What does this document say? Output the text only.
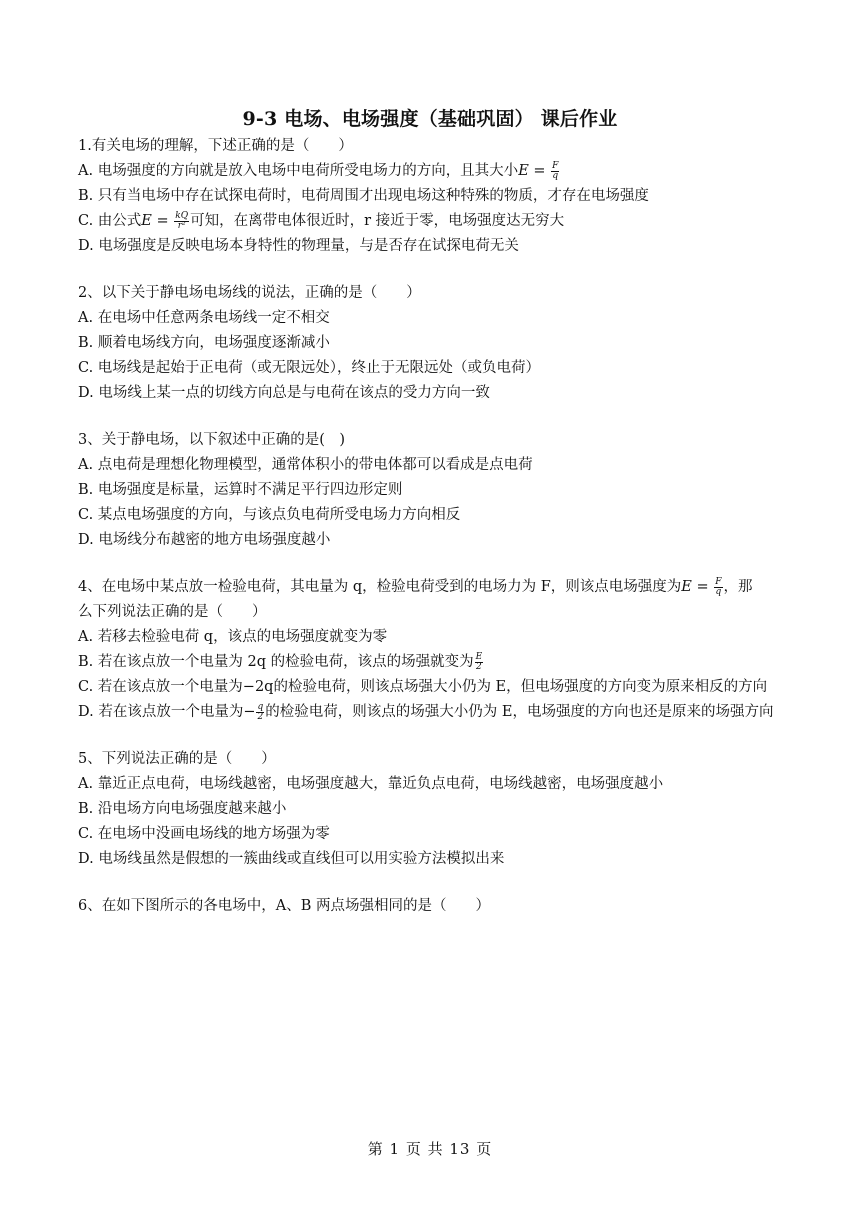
9-3 电场、电场强度（基础巩固） 课后作业
1.有关电场的理解，下述正确的是（　　）
A. 电场强度的方向就是放入电场中电荷所受电场力的方向，且其大小$E = \frac{F}{q}$
B. 只有当电场中存在试探电荷时，电荷周围才出现电场这种特殊的物质，才存在电场强度
C. 由公式$E = \frac{kQ}{\text{r²}}$ 可知，在离带电体很近时，r 接近于零，电场强度达无穷大
D. 电场强度是反映电场本身特性的物理量，与是否存在试探电荷无关
2、以下关于静电场电场线的说法，正确的是（　　）
A. 在电场中任意两条电场线一定不相交
B. 顺着电场线方向，电场强度逐渐减小
C. 电场线是起始于正电荷（或无限远处），终止于无限远处（或负电荷）
D. 电场线上某一点的切线方向总是与电荷在该点的受力方向一致
3、关于静电场，以下叙述中正确的是(　)
A. 点电荷是理想化物理模型，通常体积小的带电体都可以看成是点电荷
B. 电场强度是标量，运算时不满足平行四边形定则
C. 某点电场强度的方向，与该点负电荷所受电场力方向相反
D. 电场线分布越密的地方电场强度越小
4、在电场中某点放一检验电荷，其电量为 q，检验电荷受到的电场力为 F，则该点电场强度为$E = \frac{F}{q}$ ，那
么下列说法正确的是（　　）
A. 若移去检验电荷 q，该点的电场强度就变为零
B. 若在该点放一个电量为 2q 的检验电荷，该点的场强就变为 $\frac{E}{2}$
C. 若在该点放一个电量为−2q的检验电荷，则该点场强大小仍为 E，但电场强度的方向变为原来相反的方向
D. 若在该点放一个电量为− $\frac{q}{2}$ 的检验电荷，则该点的场强大小仍为 E，电场强度的方向也还是原来的场强方向
5、下列说法正确的是（　　）
A. 靠近正点电荷，电场线越密，电场强度越大，靠近负点电荷，电场线越密，电场强度越小
B. 沿电场方向电场强度越来越小
C. 在电场中没画电场线的地方场强为零
D. 电场线虽然是假想的一簇曲线或直线但可以用实验方法模拟出来
6、在如下图所示的各电场中，A、B 两点场强相同的是（　　）
第 1 页 共 13 页
